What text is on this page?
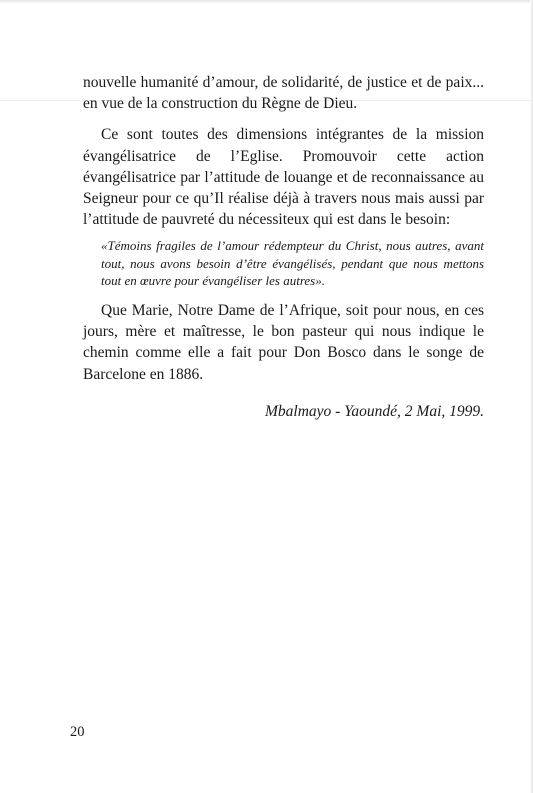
nouvelle humanité d’amour, de solidarité, de justice et de paix... en vue de la construction du Règne de Dieu.

Ce sont toutes des dimensions intégrantes de la mission évangélisatrice de l’Eglise. Promouvoir cette action évangélisatrice par l’attitude de louange et de reconnaissance au Seigneur pour ce qu’Il réalise déjà à travers nous mais aussi par l’attitude de pauvreté du nécessiteux qui est dans le besoin:

«Témoins fragiles de l’amour rédempteur du Christ, nous autres, avant tout, nous avons besoin d’être évangélisés, pendant que nous mettons tout en œuvre pour évangéliser les autres».

Que Marie, Notre Dame de l’Afrique, soit pour nous, en ces jours, mère et maîtresse, le bon pasteur qui nous indique le chemin comme elle a fait pour Don Bosco dans le songe de Barcelone en 1886.

Mbalmayo - Yaoundé, 2 Mai, 1999.
20
